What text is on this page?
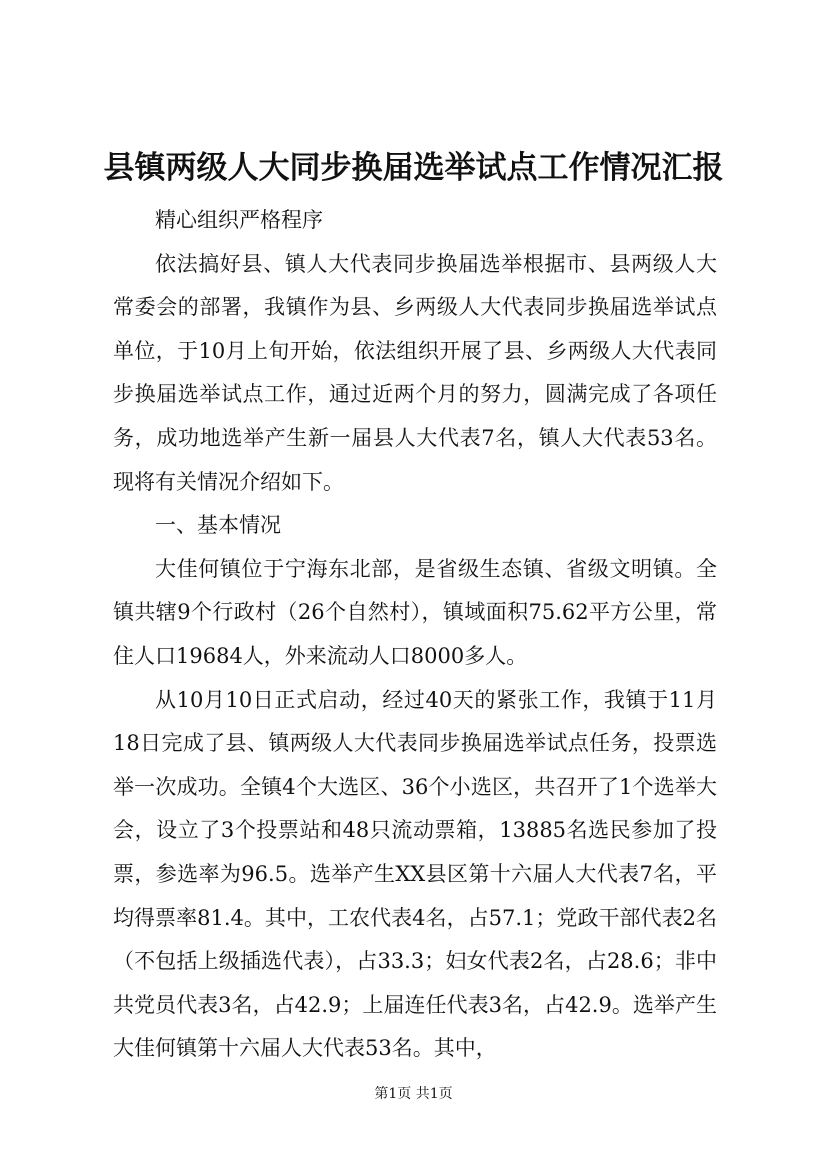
县镇两级人大同步换届选举试点工作情况汇报

精心组织严格程序

依法搞好县、镇人大代表同步换届选举根据市、县两级人大常委会的部署，我镇作为县、乡两级人大代表同步换届选举试点单位，于10月上旬开始，依法组织开展了县、乡两级人大代表同步换届选举试点工作，通过近两个月的努力，圆满完成了各项任务，成功地选举产生新一届县人大代表7名，镇人大代表53名。现将有关情况介绍如下。

一、基本情况

大佳何镇位于宁海东北部，是省级生态镇、省级文明镇。全镇共辖9个行政村（26个自然村），镇域面积75.62平方公里，常住人口19684人，外来流动人口8000多人。

从10月10日正式启动，经过40天的紧张工作，我镇于11月18日完成了县、镇两级人大代表同步换届选举试点任务，投票选举一次成功。全镇4个大选区、36个小选区，共召开了1个选举大会，设立了3个投票站和48只流动票箱，13885名选民参加了投票，参选率为96.5。选举产生XX县区第十六届人大代表7名，平均得票率81.4。其中，工农代表4名，占57.1；党政干部代表2名（不包括上级插选代表），占33.3；妇女代表2名，占28.6；非中共党员代表3名，占42.9；上届连任代表3名，占42.9。选举产生大佳何镇第十六届人大代表53名。其中，

第1页 共1页
